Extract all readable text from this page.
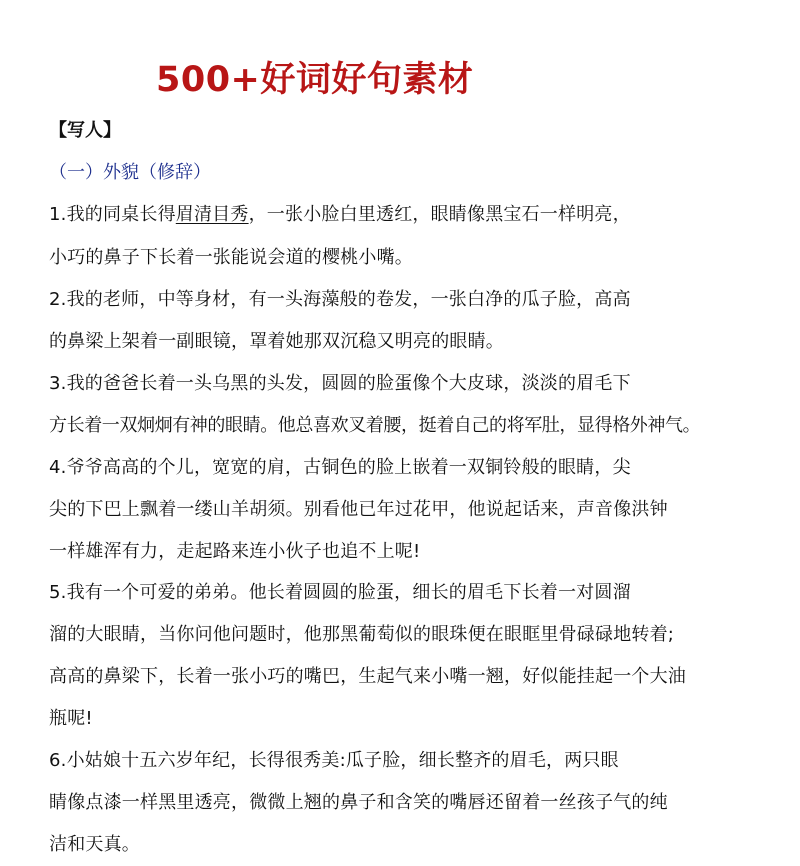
500+好词好句素材
【写人】
（一）外貌（修辞）
1.我的同桌长得眉清目秀，一张小脸白里透红，眼睛像黑宝石一样明亮，
小巧的鼻子下长着一张能说会道的樱桃小嘴。
2.我的老师，中等身材，有一头海藻般的卷发，一张白净的瓜子脸，高高
的鼻梁上架着一副眼镜，罩着她那双沉稳又明亮的眼睛。
3.我的爸爸长着一头乌黑的头发，圆圆的脸蛋像个大皮球，淡淡的眉毛下
方长着一双炯炯有神的眼睛。他总喜欢叉着腰，挺着自己的将军肚，显得格外神气。
4.爷爷高高的个儿，宽宽的肩，古铜色的脸上嵌着一双铜铃般的眼睛，尖
尖的下巴上飘着一缕山羊胡须。别看他已年过花甲，他说起话来，声音像洪钟
一样雄浑有力，走起路来连小伙子也追不上呢!
5.我有一个可爱的弟弟。他长着圆圆的脸蛋，细长的眉毛下长着一对圆溜
溜的大眼睛，当你问他问题时，他那黑葡萄似的眼珠便在眼眶里骨碌碌地转着;
高高的鼻梁下，长着一张小巧的嘴巴，生起气来小嘴一翘，好似能挂起一个大油
瓶呢!
6.小姑娘十五六岁年纪，长得很秀美:瓜子脸，细长整齐的眉毛，两只眼
睛像点漆一样黑里透亮，微微上翘的鼻子和含笑的嘴唇还留着一丝孩子气的纯
洁和天真。
